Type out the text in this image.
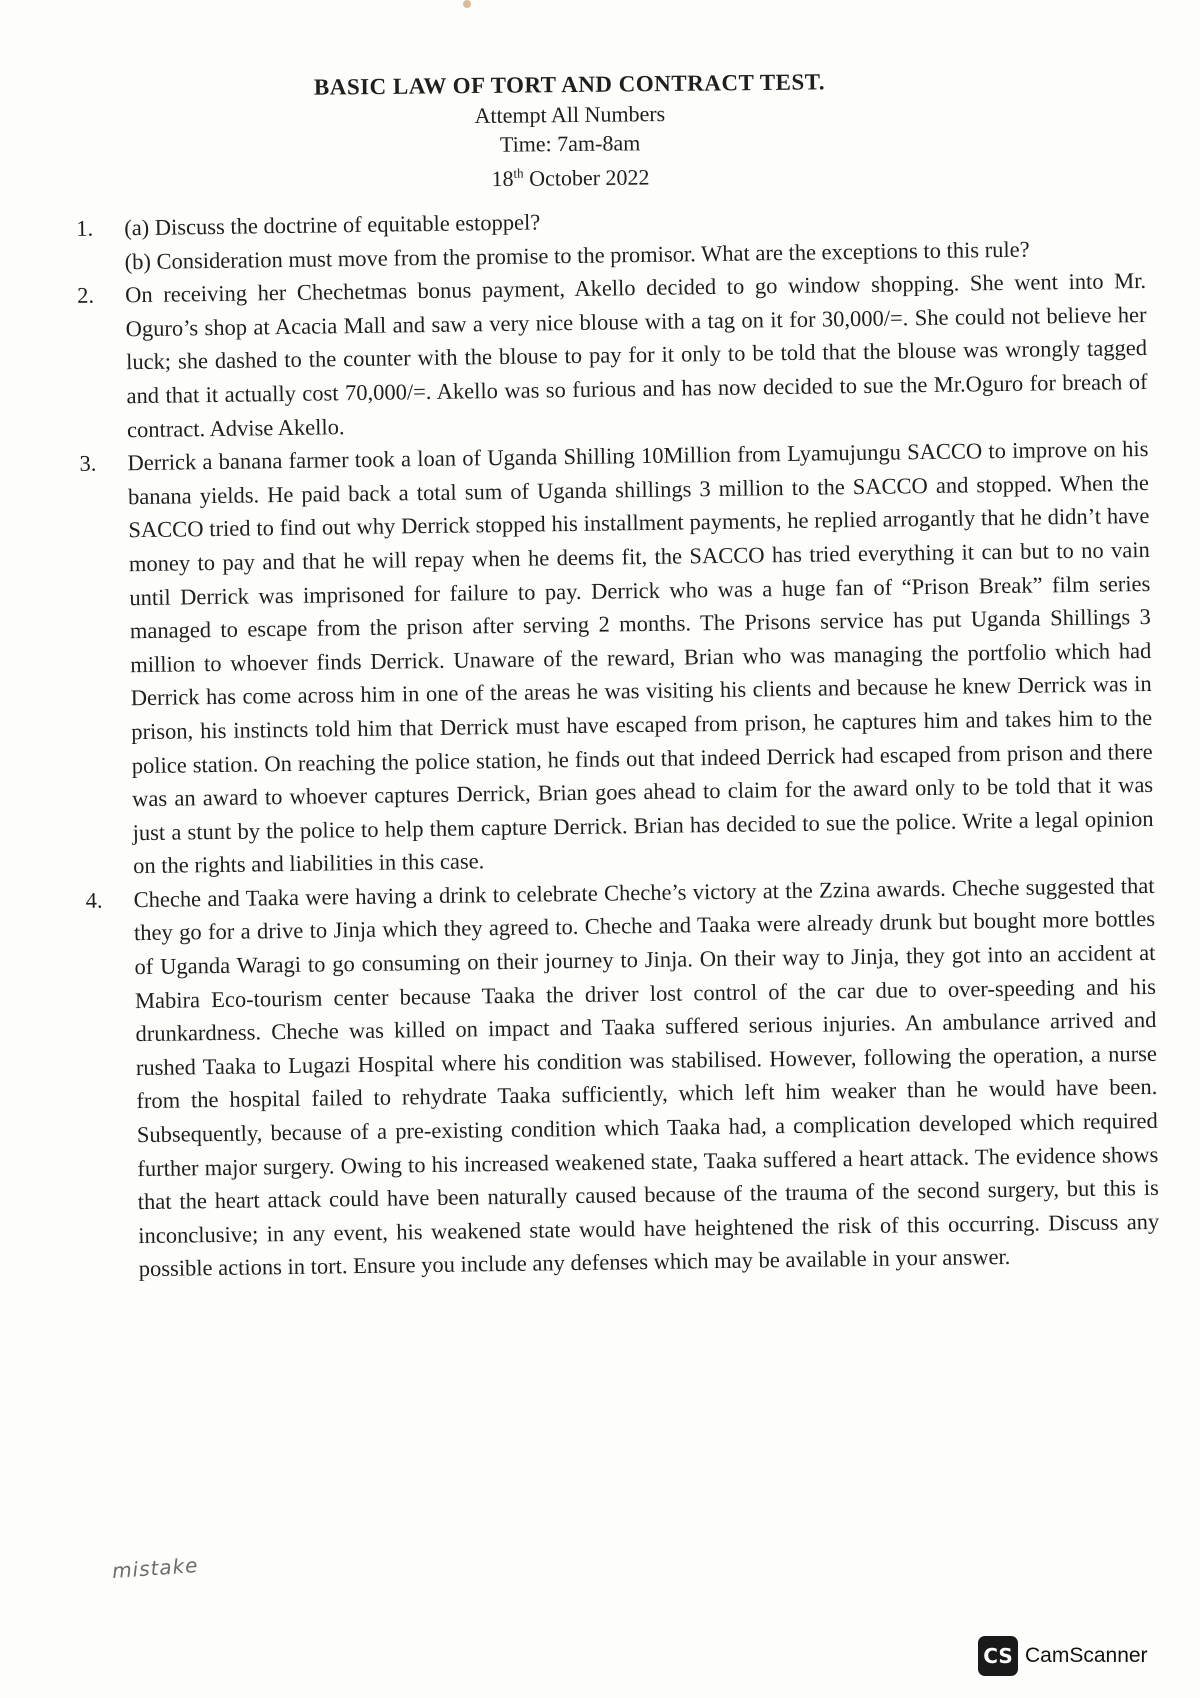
BASIC LAW OF TORT AND CONTRACT TEST.

Attempt All Numbers

Time: 7am-8am

18th October 2022

1. (a) Discuss the doctrine of equitable estoppel?

(b) Consideration must move from the promise to the promisor. What are the exceptions to this rule?

2. On receiving her Chechetmas bonus payment, Akello decided to go window shopping. She went into Mr. Oguro’s shop at Acacia Mall and saw a very nice blouse with a tag on it for 30,000/=. She could not believe her luck; she dashed to the counter with the blouse to pay for it only to be told that the blouse was wrongly tagged and that it actually cost 70,000/=. Akello was so furious and has now decided to sue the Mr.Oguro for breach of contract. Advise Akello.

3. Derrick a banana farmer took a loan of Uganda Shilling 10Million from Lyamujungu SACCO to improve on his banana yields. He paid back a total sum of Uganda shillings 3 million to the SACCO and stopped. When the SACCO tried to find out why Derrick stopped his installment payments, he replied arrogantly that he didn’t have money to pay and that he will repay when he deems fit, the SACCO has tried everything it can but to no vain until Derrick was imprisoned for failure to pay. Derrick who was a huge fan of “Prison Break” film series managed to escape from the prison after serving 2 months. The Prisons service has put Uganda Shillings 3 million to whoever finds Derrick. Unaware of the reward, Brian who was managing the portfolio which had Derrick has come across him in one of the areas he was visiting his clients and because he knew Derrick was in prison, his instincts told him that Derrick must have escaped from prison, he captures him and takes him to the police station. On reaching the police station, he finds out that indeed Derrick had escaped from prison and there was an award to whoever captures Derrick, Brian goes ahead to claim for the award only to be told that it was just a stunt by the police to help them capture Derrick. Brian has decided to sue the police. Write a legal opinion on the rights and liabilities in this case.

4. Cheche and Taaka were having a drink to celebrate Cheche’s victory at the Zzina awards. Cheche suggested that they go for a drive to Jinja which they agreed to. Cheche and Taaka were already drunk but bought more bottles of Uganda Waragi to go consuming on their journey to Jinja. On their way to Jinja, they got into an accident at Mabira Eco-tourism center because Taaka the driver lost control of the car due to over-speeding and his drunkardness. Cheche was killed on impact and Taaka suffered serious injuries. An ambulance arrived and rushed Taaka to Lugazi Hospital where his condition was stabilised. However, following the operation, a nurse from the hospital failed to rehydrate Taaka sufficiently, which left him weaker than he would have been. Subsequently, because of a pre-existing condition which Taaka had, a complication developed which required further major surgery. Owing to his increased weakened state, Taaka suffered a heart attack. The evidence shows that the heart attack could have been naturally caused because of the trauma of the second surgery, but this is inconclusive; in any event, his weakened state would have heightened the risk of this occurring. Discuss any possible actions in tort. Ensure you include any defenses which may be available in your answer.

mistake
CS CamScanner
